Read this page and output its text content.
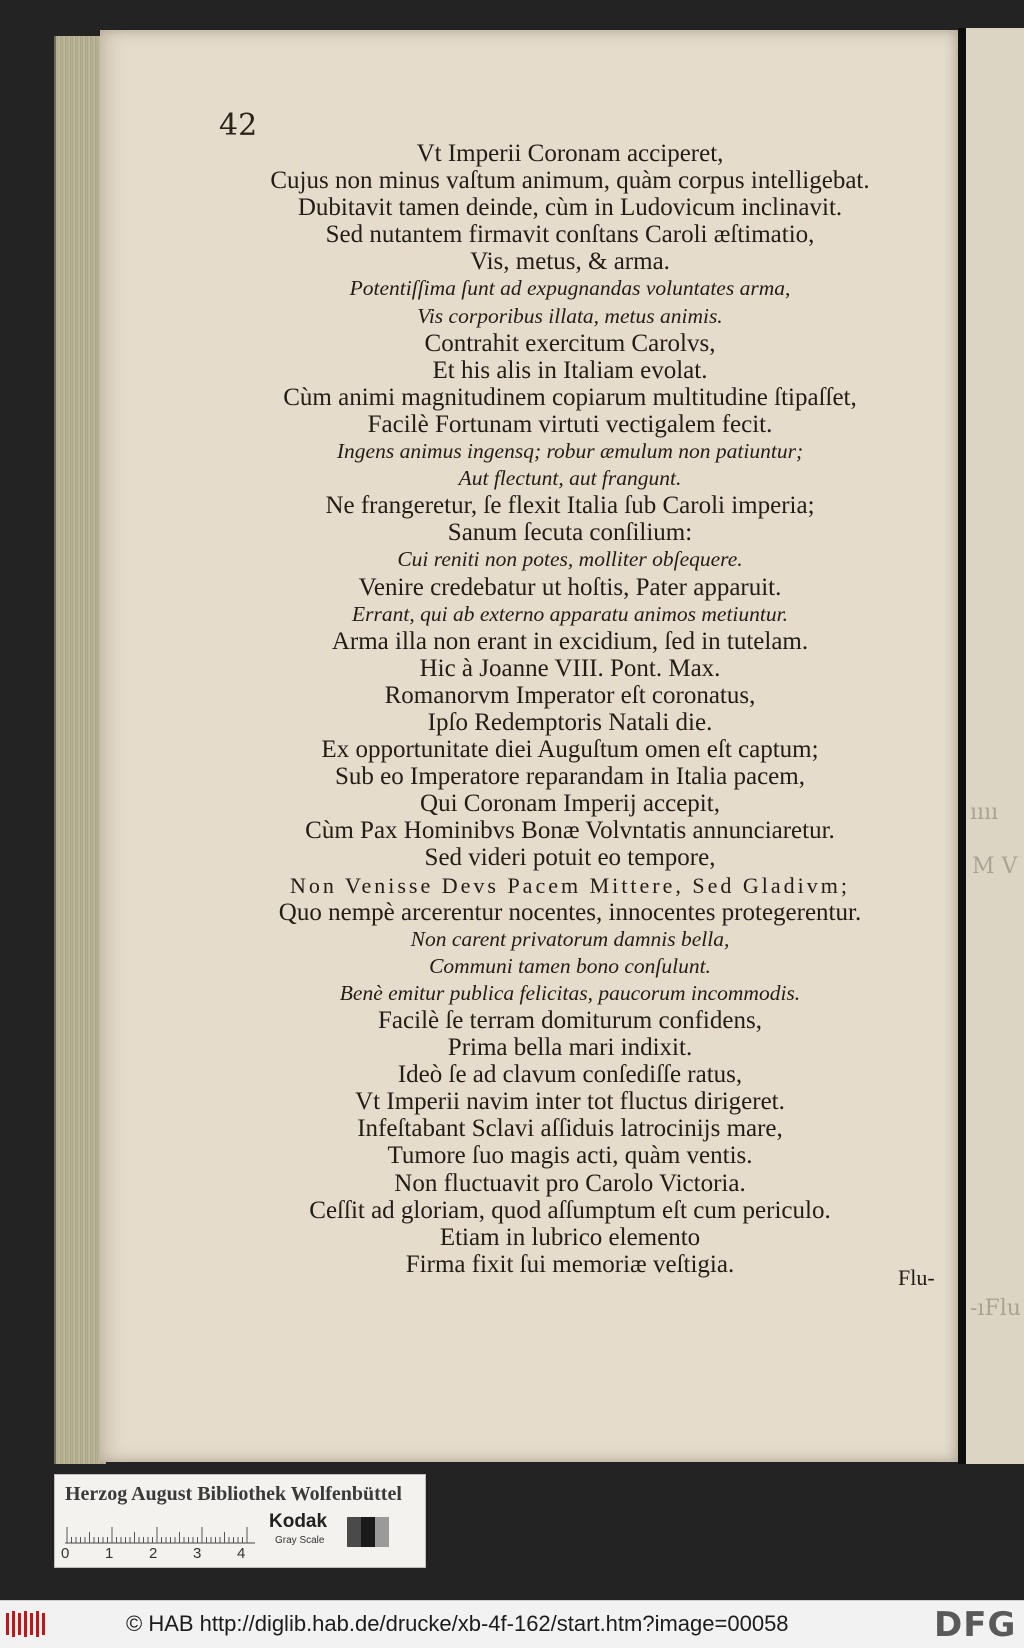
ıııı
M V
-ıFlu
42
Vt Imperii Coronam acciperet,
Cujus non minus vaſtum animum, quàm corpus intelligebat.
Dubitavit tamen deinde, cùm in Ludovicum inclinavit.
Sed nutantem firmavit conſtans Caroli æſtimatio,
Vis, metus, & arma.
Potentiſſima ſunt ad expugnandas voluntates arma,
Vis corporibus illata, metus animis.
Contrahit exercitum Carolvs,
Et his alis in Italiam evolat.
Cùm animi magnitudinem copiarum multitudine ſtipaſſet,
Facilè Fortunam virtuti vectigalem fecit.
Ingens animus ingensq; robur æmulum non patiuntur;
Aut flectunt, aut frangunt.
Ne frangeretur, ſe flexit Italia ſub Caroli imperia;
Sanum ſecuta conſilium:
Cui reniti non potes, molliter obſequere.
Venire credebatur ut hoſtis, Pater apparuit.
Errant, qui ab externo apparatu animos metiuntur.
Arma illa non erant in excidium, ſed in tutelam.
Hic à Joanne VIII. Pont. Max.
Romanorvm Imperator eſt coronatus,
Ipſo Redemptoris Natali die.
Ex opportunitate diei Auguſtum omen eſt captum;
Sub eo Imperatore reparandam in Italia pacem,
Qui Coronam Imperij accepit,
Cùm Pax Hominibvs Bonæ Volvntatis annunciaretur.
Sed videri potuit eo tempore,
Non Venisse Devs Pacem Mittere, Sed Gladivm;
Quo nempè arcerentur nocentes, innocentes protegerentur.
Non carent privatorum damnis bella,
Communi tamen bono conſulunt.
Benè emitur publica felicitas, paucorum incommodis.
Facilè ſe terram domiturum confidens,
Prima bella mari indixit.
Ideò ſe ad clavum conſediſſe ratus,
Vt Imperii navim inter tot fluctus dirigeret.
Infeſtabant Sclavi aſſiduis latrocinijs mare,
Tumore ſuo magis acti, quàm ventis.
Non fluctuavit pro Carolo Victoria.
Ceſſit ad gloriam, quod aſſumptum eſt cum periculo.
Etiam in lubrico elemento
Firma fixit ſui memoriæ veſtigia.	Flu-
Herzog August Bibliothek Wolfenbüttel
0 1 2 3 4
Kodak
Gray Scale
© HAB http://diglib.hab.de/drucke/xb-4f-162/start.htm?image=00058	DFG
